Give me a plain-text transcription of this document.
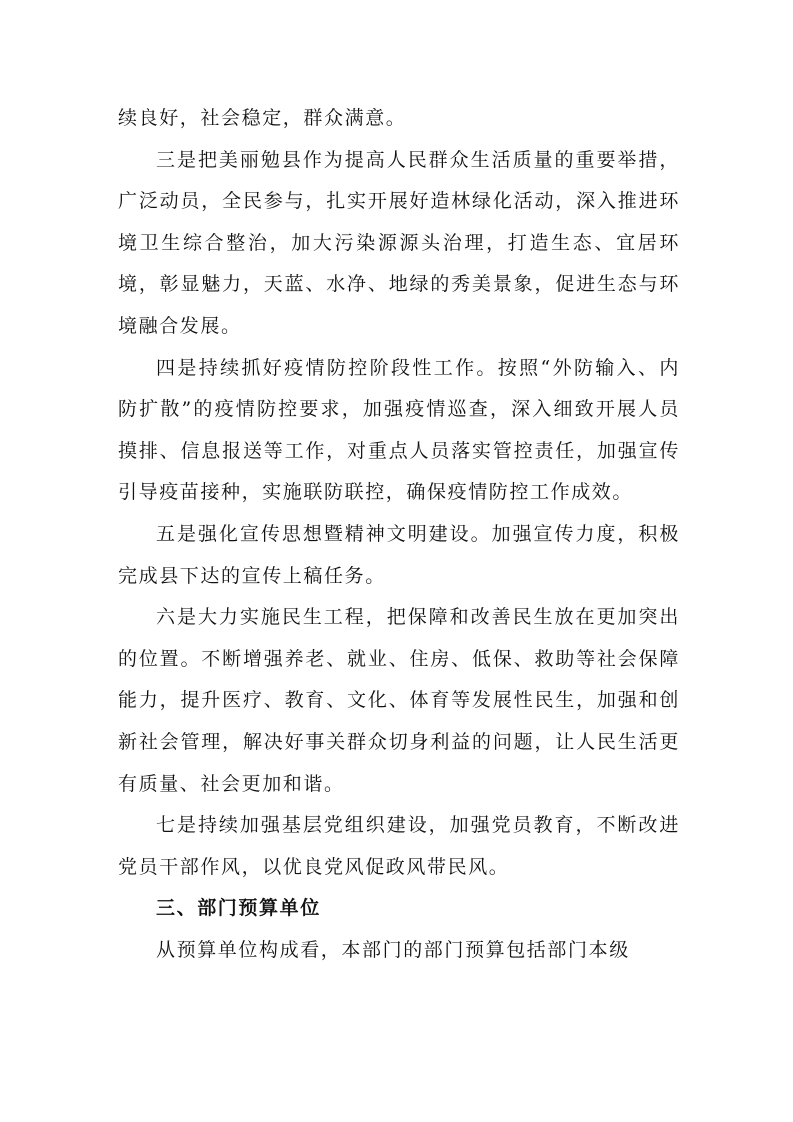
续良好，社会稳定，群众满意。

三是把美丽勉县作为提高人民群众生活质量的重要举措，广泛动员，全民参与，扎实开展好造林绿化活动，深入推进环境卫生综合整治，加大污染源源头治理，打造生态、宜居环境，彰显魅力，天蓝、水净、地绿的秀美景象，促进生态与环境融合发展。

四是持续抓好疫情防控阶段性工作。按照“外防输入、内防扩散”的疫情防控要求，加强疫情巡查，深入细致开展人员摸排、信息报送等工作，对重点人员落实管控责任，加强宣传引导疫苗接种，实施联防联控，确保疫情防控工作成效。

五是强化宣传思想暨精神文明建设。加强宣传力度，积极完成县下达的宣传上稿任务。

六是大力实施民生工程，把保障和改善民生放在更加突出的位置。不断增强养老、就业、住房、低保、救助等社会保障能力，提升医疗、教育、文化、体育等发展性民生，加强和创新社会管理，解决好事关群众切身利益的问题，让人民生活更有质量、社会更加和谐。

七是持续加强基层党组织建设，加强党员教育，不断改进党员干部作风，以优良党风促政风带民风。

三、部门预算单位

从预算单位构成看，本部门的部门预算包括部门本级
